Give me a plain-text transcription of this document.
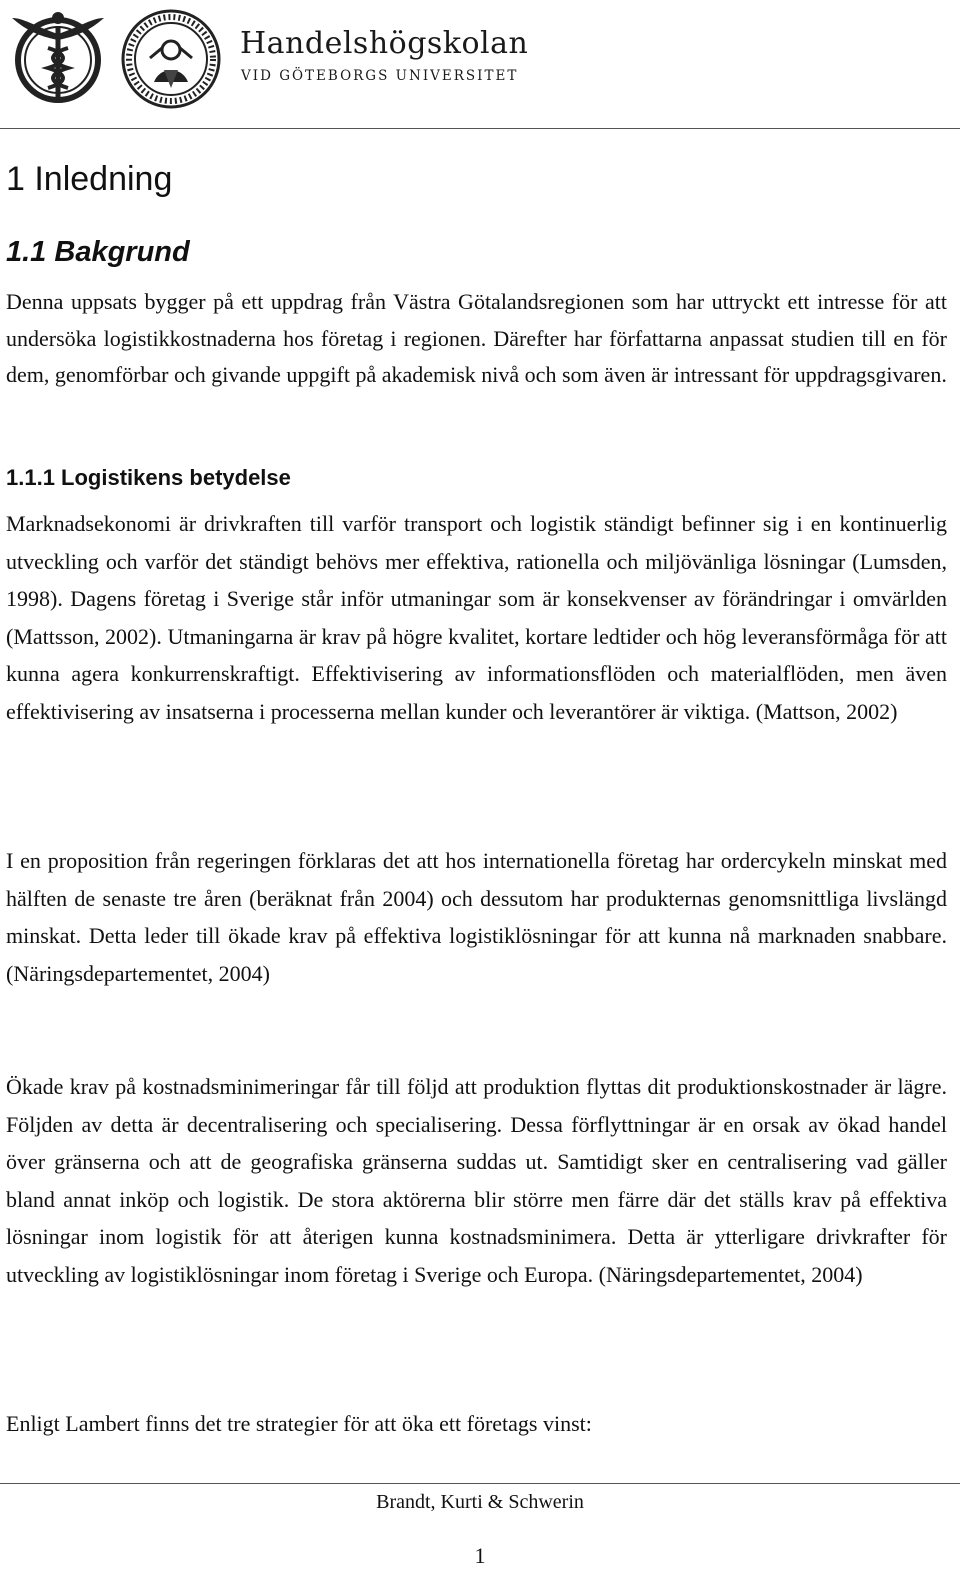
Handelshögskolan
VID GÖTEBORGS UNIVERSITET
1 Inledning
1.1 Bakgrund

Denna uppsats bygger på ett uppdrag från Västra Götalandsregionen som har uttryckt ett intresse för att undersöka logistikkostnaderna hos företag i regionen. Därefter har författarna anpassat studien till en för dem, genomförbar och givande uppgift på akademisk nivå och som även är intressant för uppdragsgivaren.

1.1.1 Logistikens betydelse

Marknadsekonomi är drivkraften till varför transport och logistik ständigt befinner sig i en kontinuerlig utveckling och varför det ständigt behövs mer effektiva, rationella och miljövänliga lösningar (Lumsden, 1998). Dagens företag i Sverige står inför utmaningar som är konsekvenser av förändringar i omvärlden (Mattsson, 2002). Utmaningarna är krav på högre kvalitet, kortare ledtider och hög leveransförmåga för att kunna agera konkurrenskraftigt. Effektivisering av informationsflöden och materialflöden, men även effektivisering av insatserna i processerna mellan kunder och leverantörer är viktiga. (Mattson, 2002)

I en proposition från regeringen förklaras det att hos internationella företag har ordercykeln minskat med hälften de senaste tre åren (beräknat från 2004) och dessutom har produkternas genomsnittliga livslängd minskat. Detta leder till ökade krav på effektiva logistiklösningar för att kunna nå marknaden snabbare. (Näringsdepartementet, 2004)

Ökade krav på kostnadsminimeringar får till följd att produktion flyttas dit produktionskostnader är lägre. Följden av detta är decentralisering och specialisering. Dessa förflyttningar är en orsak av ökad handel över gränserna och att de geografiska gränserna suddas ut. Samtidigt sker en centralisering vad gäller bland annat inköp och logistik. De stora aktörerna blir större men färre där det ställs krav på effektiva lösningar inom logistik för att återigen kunna kostnadsminimera. Detta är ytterligare drivkrafter för utveckling av logistiklösningar inom företag i Sverige och Europa. (Näringsdepartementet, 2004)

Enligt Lambert finns det tre strategier för att öka ett företags vinst:

Brandt, Kurti & Schwerin
1
